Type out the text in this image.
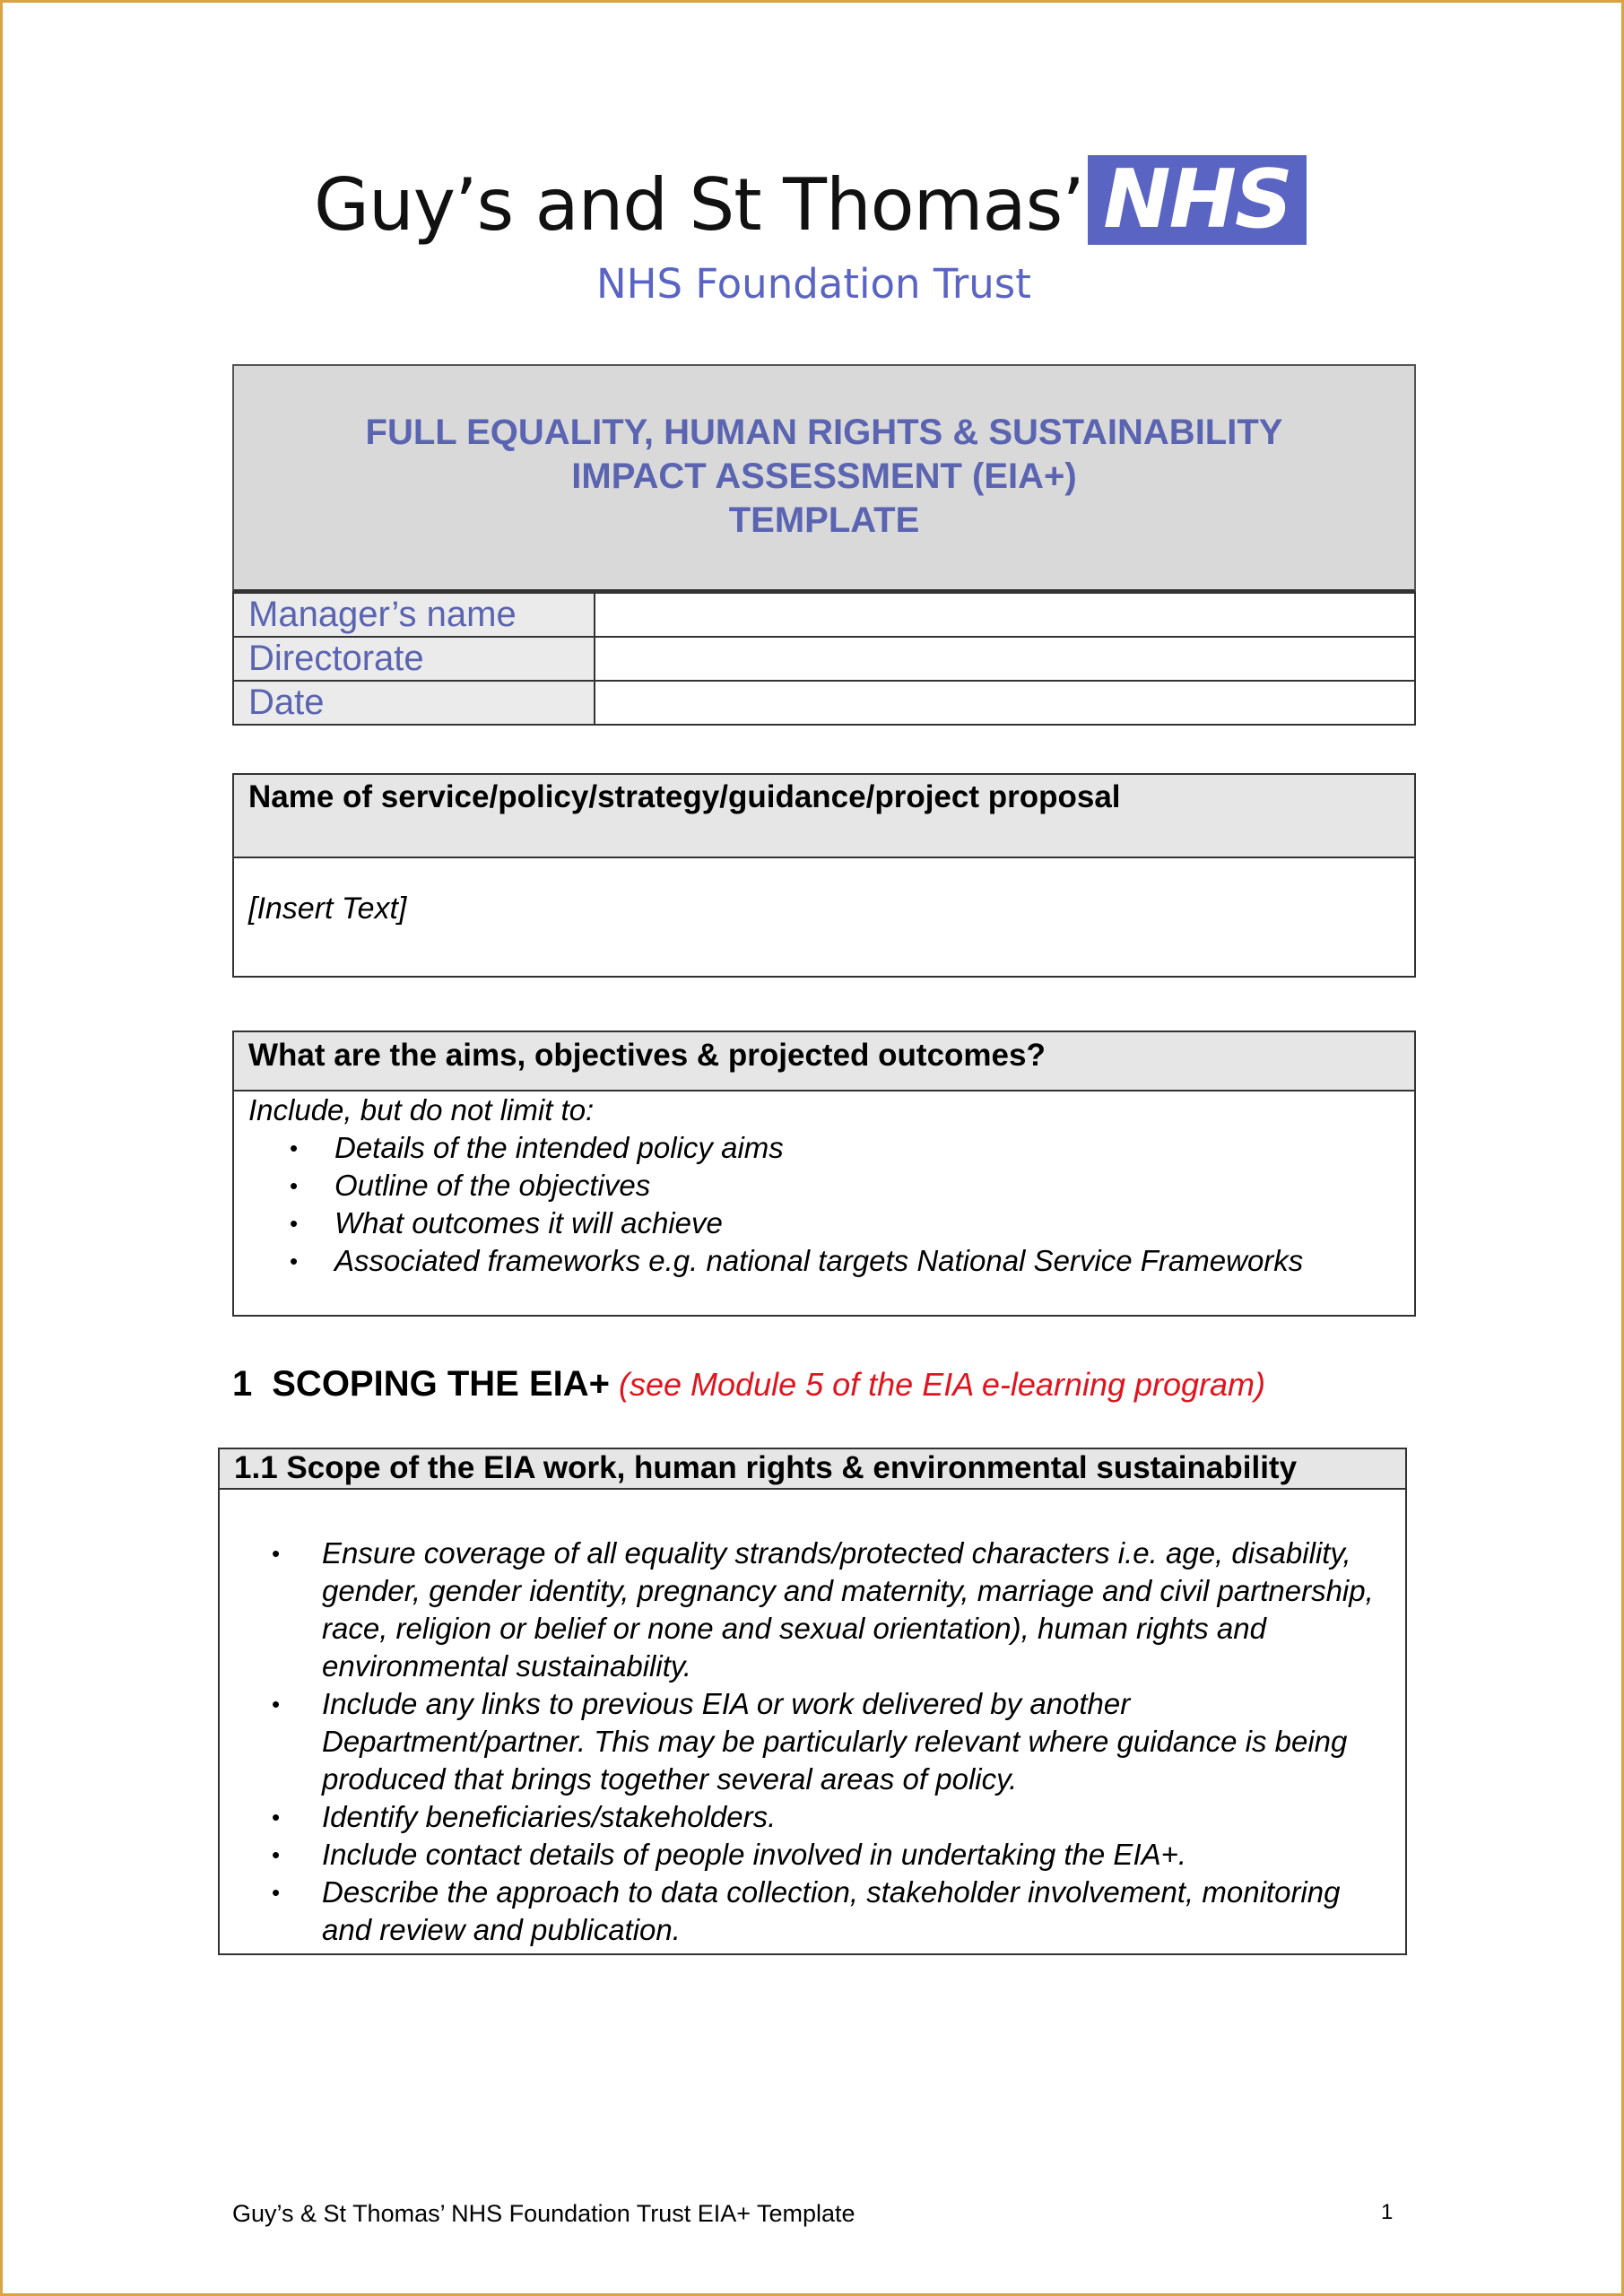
Guy’s and St Thomas’ NHS
NHS Foundation Trust
FULL EQUALITY, HUMAN RIGHTS & SUSTAINABILITY
IMPACT ASSESSMENT (EIA+)
TEMPLATE
Manager’s name	
Directorate	
Date	
Name of service/policy/strategy/guidance/project proposal
[Insert Text]
What are the aims, objectives & projected outcomes?
Include, but do not limit to:
• Details of the intended policy aims
• Outline of the objectives
• What outcomes it will achieve
• Associated frameworks e.g. national targets National Service Frameworks
1 SCOPING THE EIA+ (see Module 5 of the EIA e-learning program)
1.1 Scope of the EIA work, human rights & environmental sustainability
• Ensure coverage of all equality strands/protected characters i.e. age, disability, gender, gender identity, pregnancy and maternity, marriage and civil partnership, race, religion or belief or none and sexual orientation), human rights and environmental sustainability.
• Include any links to previous EIA or work delivered by another Department/partner. This may be particularly relevant where guidance is being produced that brings together several areas of policy.
• Identify beneficiaries/stakeholders.
• Include contact details of people involved in undertaking the EIA+.
• Describe the approach to data collection, stakeholder involvement, monitoring and review and publication.
Guy’s & St Thomas’ NHS Foundation Trust EIA+ Template	1
